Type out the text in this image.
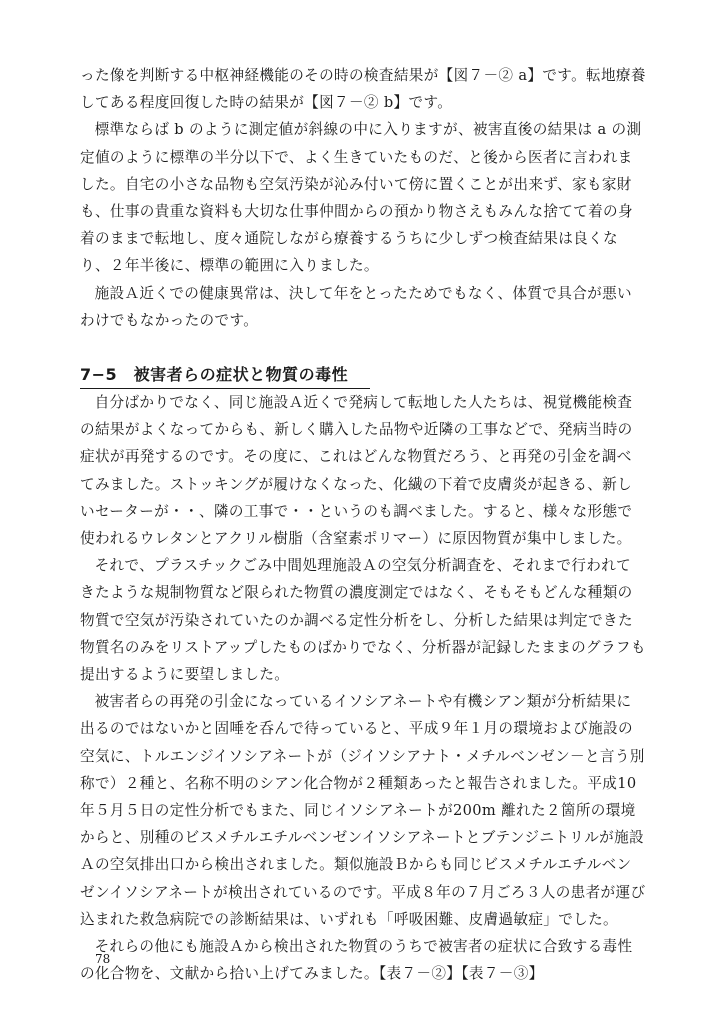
った像を判断する中枢神経機能のその時の検査結果が【図７－② a】です。転地療養してある程度回復した時の結果が【図７－② b】です。

標準ならば b のように測定値が斜線の中に入りますが、被害直後の結果は a の測定値のように標準の半分以下で、よく生きていたものだ、と後から医者に言われました。自宅の小さな品物も空気汚染が沁み付いて傍に置くことが出来ず、家も家財も、仕事の貴重な資料も大切な仕事仲間からの預かり物さえもみんな捨てて着の身着のままで転地し、度々通院しながら療養するうちに少しずつ検査結果は良くなり、２年半後に、標準の範囲に入りました。

施設Ａ近くでの健康異常は、決して年をとったためでもなく、体質で具合が悪いわけでもなかったのです。

7−5　被害者らの症状と物質の毒性

自分ばかりでなく、同じ施設Ａ近くで発病して転地した人たちは、視覚機能検査の結果がよくなってからも、新しく購入した品物や近隣の工事などで、発病当時の症状が再発するのです。その度に、これはどんな物質だろう、と再発の引金を調べてみました。ストッキングが履けなくなった、化繊の下着で皮膚炎が起きる、新しいセーターが・・、隣の工事で・・というのも調べました。すると、様々な形態で使われるウレタンとアクリル樹脂（含窒素ポリマー）に原因物質が集中しました。

それで、プラスチックごみ中間処理施設Ａの空気分析調査を、それまで行われてきたような規制物質など限られた物質の濃度測定ではなく、そもそもどんな種類の物質で空気が汚染されていたのか調べる定性分析をし、分析した結果は判定できた物質名のみをリストアップしたものばかりでなく、分析器が記録したままのグラフも提出するように要望しました。

被害者らの再発の引金になっているイソシアネートや有機シアン類が分析結果に出るのではないかと固唾を呑んで待っていると、平成９年１月の環境および施設の空気に、トルエンジイソシアネートが（ジイソシアナト・メチルベンゼン－と言う別称で）２種と、名称不明のシアン化合物が２種類あったと報告されました。平成10年５月５日の定性分析でもまた、同じイソシアネートが200m 離れた２箇所の環境からと、別種のビスメチルエチルベンゼンイソシアネートとブテンジニトリルが施設Ａの空気排出口から検出されました。類似施設Ｂからも同じビスメチルエチルベンゼンイソシアネートが検出されているのです。平成８年の７月ごろ３人の患者が運び込まれた救急病院での診断結果は、いずれも「呼吸困難、皮膚過敏症」でした。

それらの他にも施設Ａから検出された物質のうちで被害者の症状に合致する毒性の化合物を、文献から拾い上げてみました。【表７－②】【表７－③】

78
